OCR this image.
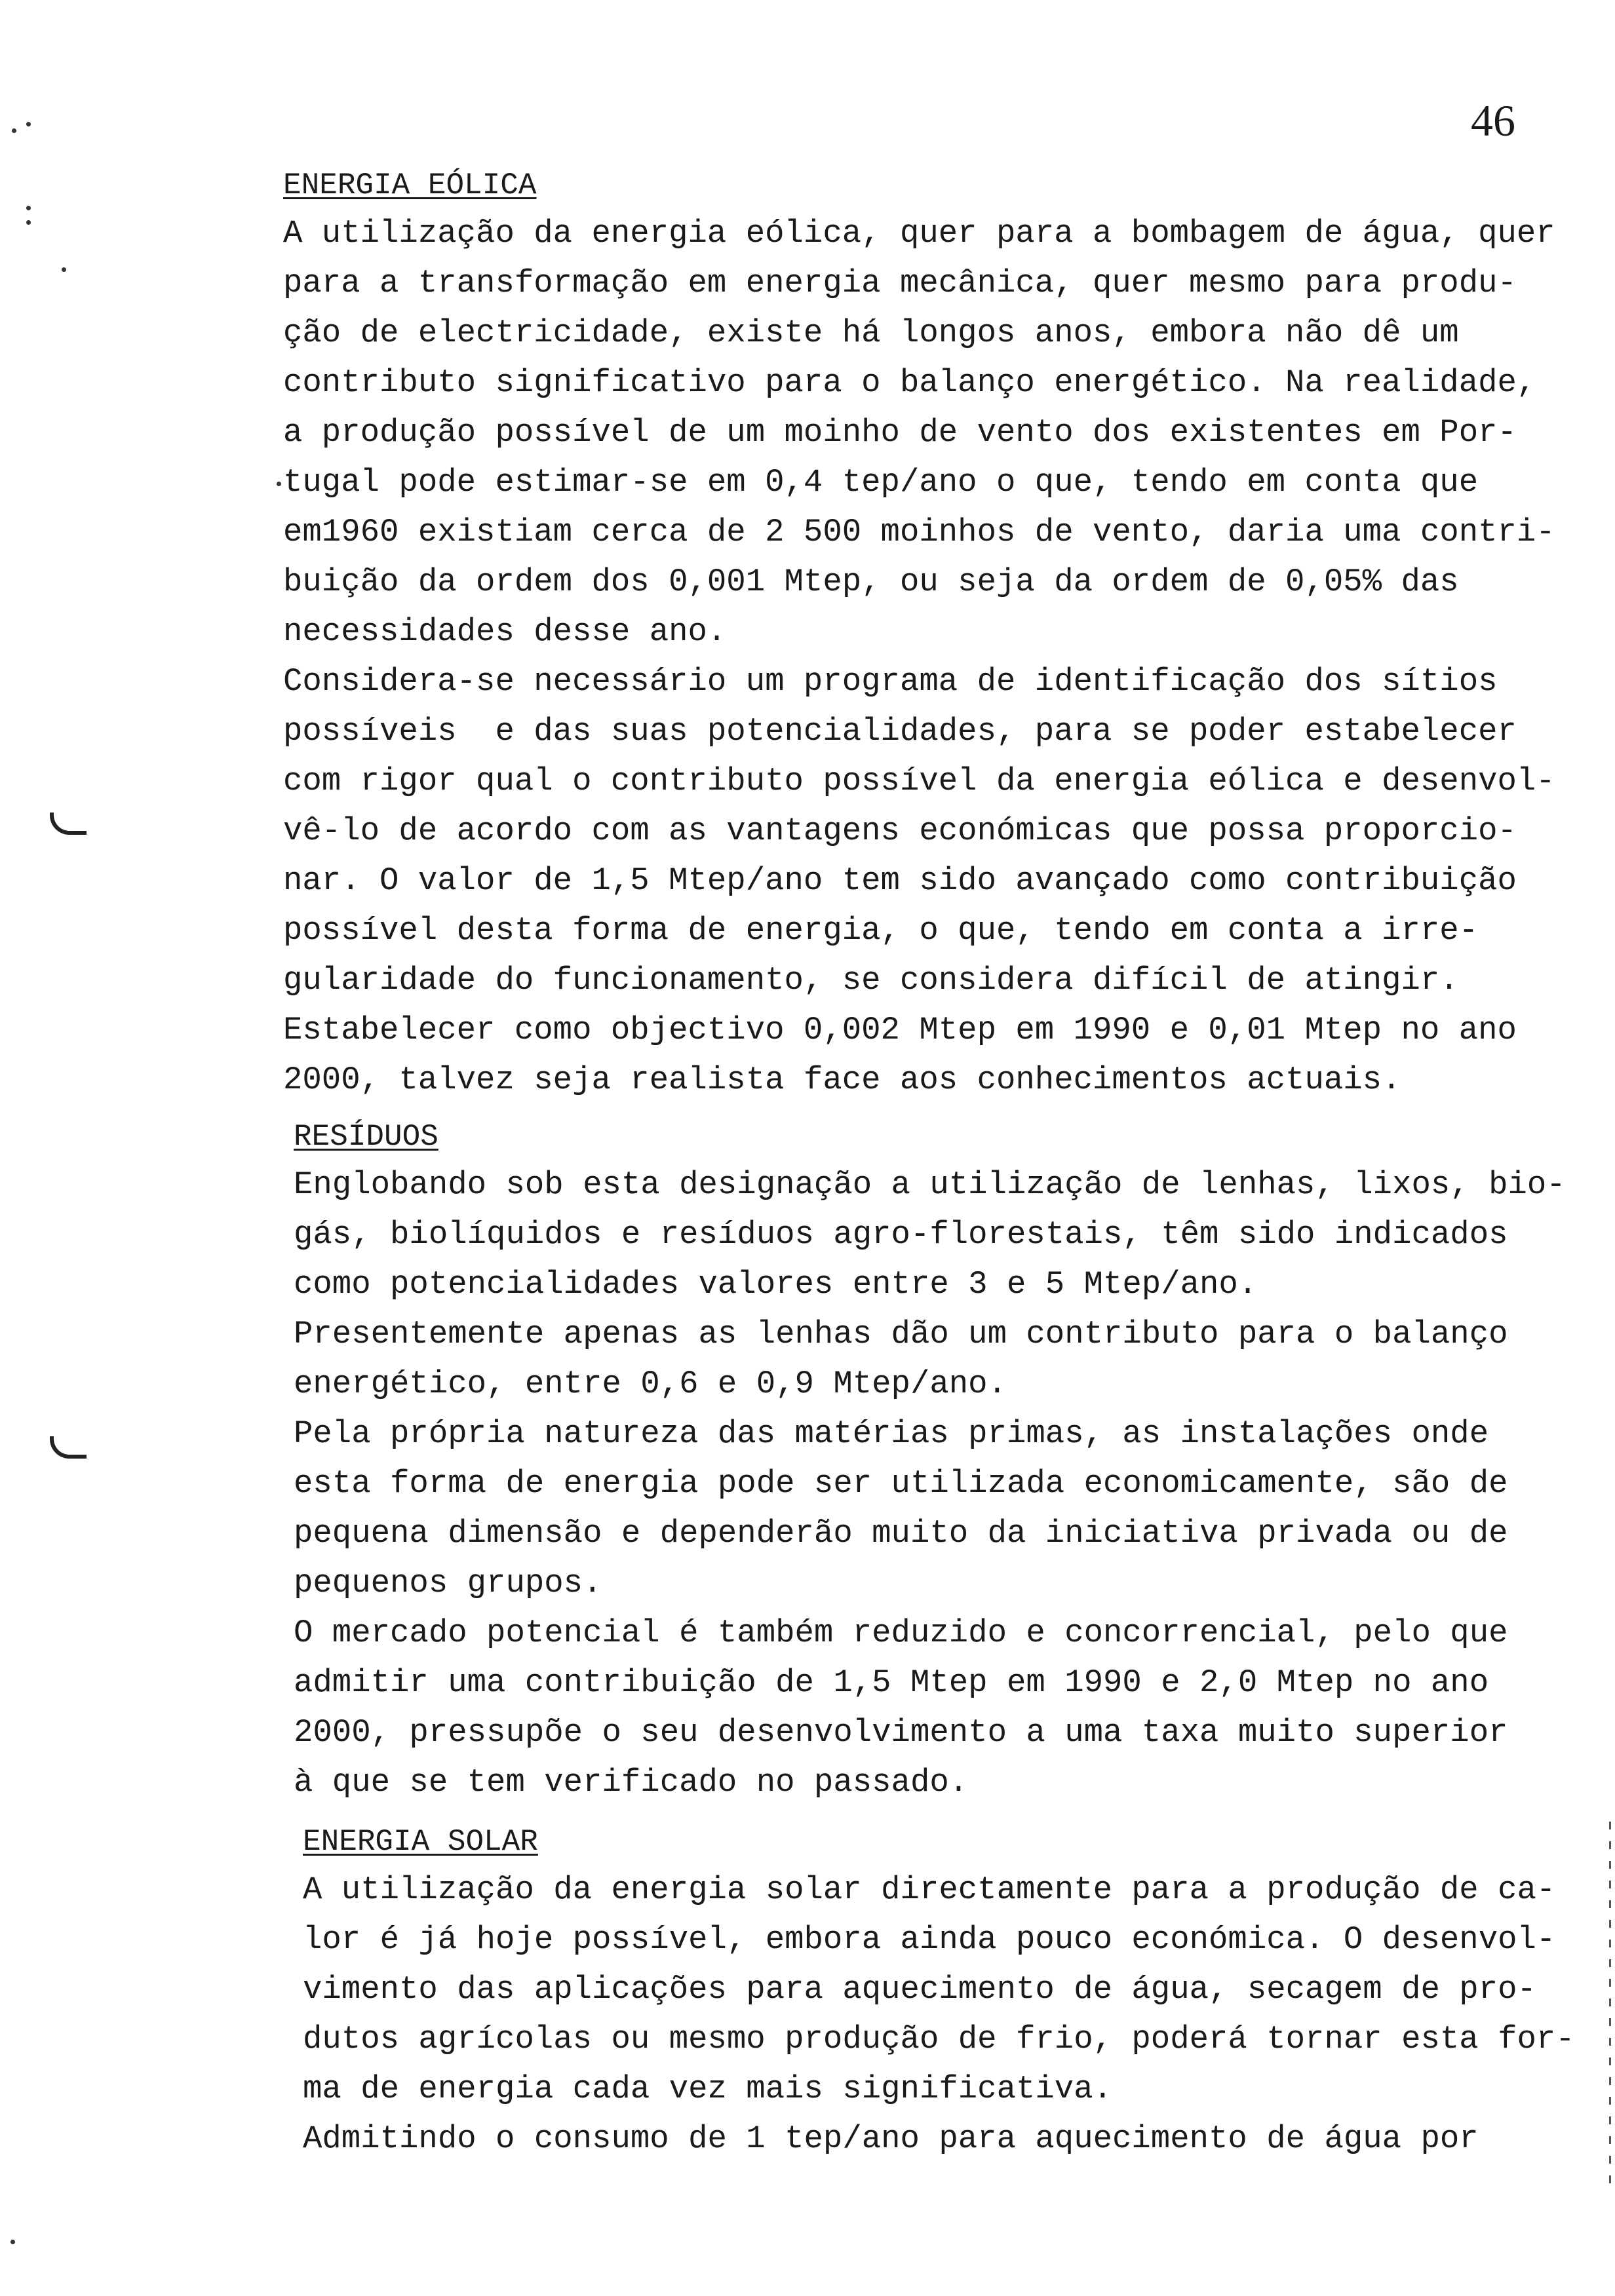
46
ENERGIA EÓLICA
A utilização da energia eólica, quer para a bombagem de água, quer
para a transformação em energia mecânica, quer mesmo para produ-
ção de electricidade, existe há longos anos, embora não dê um
contributo significativo para o balanço energético. Na realidade,
a produção possível de um moinho de vento dos existentes em Por-
tugal pode estimar-se em 0,4 tep/ano o que, tendo em conta que
em1960 existiam cerca de 2 500 moinhos de vento, daria uma contri-
buição da ordem dos 0,001 Mtep, ou seja da ordem de 0,05% das
necessidades desse ano.
Considera-se necessário um programa de identificação dos sítios
possíveis  e das suas potencialidades, para se poder estabelecer
com rigor qual o contributo possível da energia eólica e desenvol-
vê-lo de acordo com as vantagens económicas que possa proporcio-
nar. O valor de 1,5 Mtep/ano tem sido avançado como contribuição
possível desta forma de energia, o que, tendo em conta a irre-
gularidade do funcionamento, se considera difícil de atingir.
Estabelecer como objectivo 0,002 Mtep em 1990 e 0,01 Mtep no ano
2000, talvez seja realista face aos conhecimentos actuais.
RESÍDUOS
Englobando sob esta designação a utilização de lenhas, lixos, bio-
gás, biolíquidos e resíduos agro-florestais, têm sido indicados
como potencialidades valores entre 3 e 5 Mtep/ano.
Presentemente apenas as lenhas dão um contributo para o balanço
energético, entre 0,6 e 0,9 Mtep/ano.
Pela própria natureza das matérias primas, as instalações onde
esta forma de energia pode ser utilizada economicamente, são de
pequena dimensão e dependerão muito da iniciativa privada ou de
pequenos grupos.
O mercado potencial é também reduzido e concorrencial, pelo que
admitir uma contribuição de 1,5 Mtep em 1990 e 2,0 Mtep no ano
2000, pressupõe o seu desenvolvimento a uma taxa muito superior
à que se tem verificado no passado.
ENERGIA SOLAR
A utilização da energia solar directamente para a produção de ca-
lor é já hoje possível, embora ainda pouco económica. O desenvol-
vimento das aplicações para aquecimento de água, secagem de pro-
dutos agrícolas ou mesmo produção de frio, poderá tornar esta for-
ma de energia cada vez mais significativa.
Admitindo o consumo de 1 tep/ano para aquecimento de água por
